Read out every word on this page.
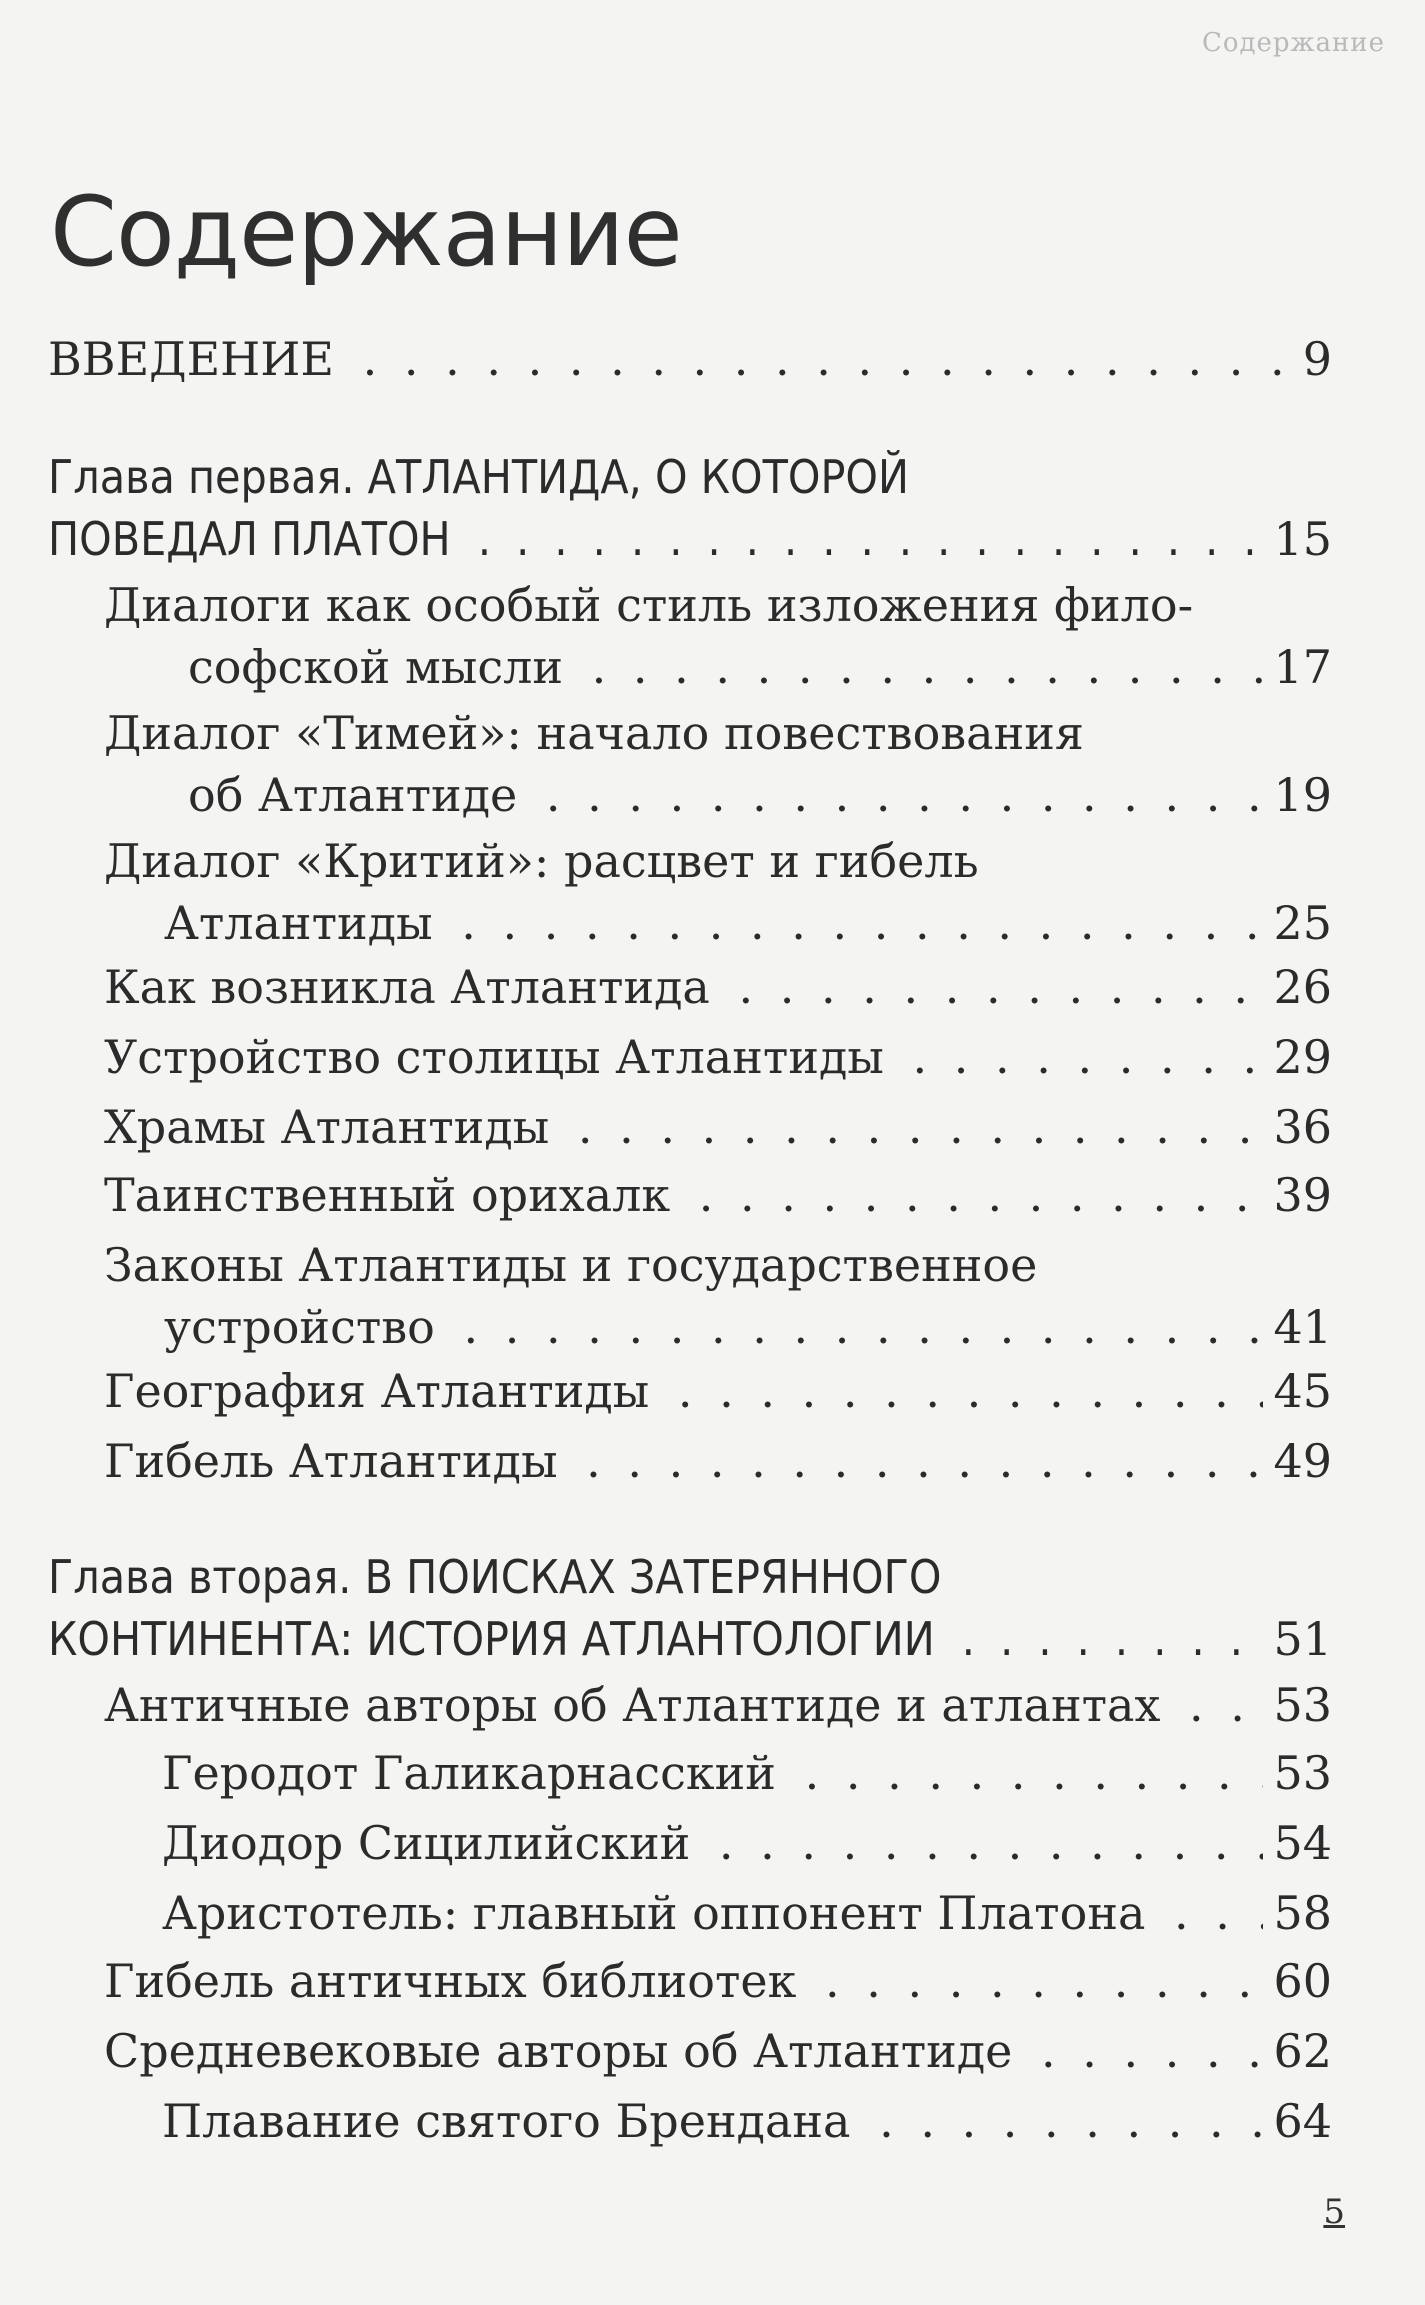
Содержание
Содержание
ВВЕДЕНИЕ	9
. . .
Глава первая. АТЛАНТИДА, О КОТОРОЙ
ПОВЕДАЛ ПЛАТОН	15
. . .
Диалоги как особый стиль изложения фило-
софской мысли	17
. . .
Диалог «Тимей»: начало повествования
об Атлантиде	19
. . .
Диалог «Критий»: расцвет и гибель
Атлантиды	25
. . .
Как возникла Атлантида	26
. . .
Устройство столицы Атлантиды	29
. . .
Храмы Атлантиды	36
. . .
Таинственный орихалк	39
. . .
Законы Атлантиды и государственное
устройство	41
. . .
География Атлантиды	45
. . .
Гибель Атлантиды	49
. . .
Глава вторая. В ПОИСКАХ ЗАТЕРЯННОГО
КОНТИНЕНТА: ИСТОРИЯ АТЛАНТОЛОГИИ	51
. . .
Античные авторы об Атлантиде и атлантах 53
. . .
Геродот Галикарнасский	53
. . .
Диодор Сицилийский	54
. . .
Аристотель: главный оппонент Платона	58
. . .
Гибель античных библиотек	60
. . .
Средневековые авторы об Атлантиде	62
. . .
Плавание святого Брендана	64
. . .
5
